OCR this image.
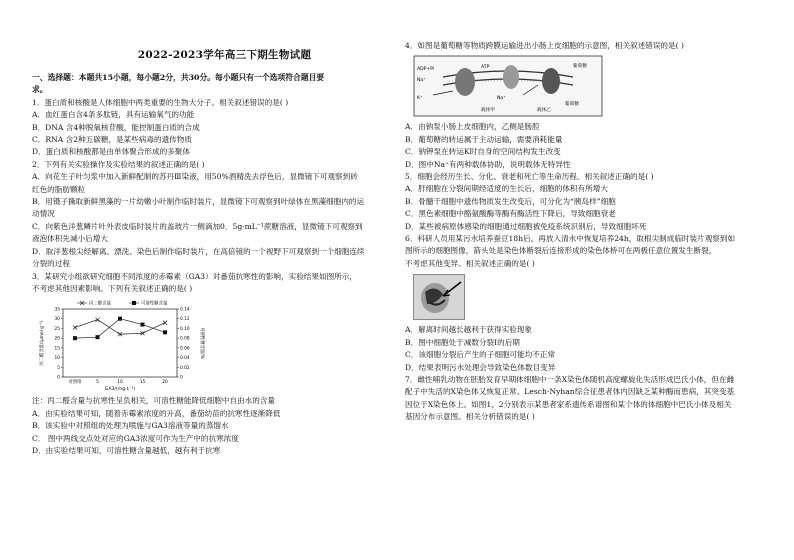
2022-2023学年高三下期生物试题
一、选择题：本题共15小题，每小题2分，共30分。每小题只有一个选项符合题目要
求。
1．蛋白质和核酸是人体细胞中两类重要的生物大分子。相关叙述错误的是( )
A．血红蛋白含4条多肽链，具有运输氧气的功能
B．DNA 含4种脱氧核苷酸，能控制蛋白质的合成
C．RNA 含2种五碳糖，是某些病毒的遗传物质
D．蛋白质和核酸都是由单体聚合形成的多聚体
2．下列有关实验操作及实验结果的叙述正确的是( )
A．向花生子叶匀浆中加入新鲜配制的苏丹Ⅲ染液，用50%酒精洗去浮色后，显微镜下可观察到砖
红色的脂肪颗粒
B．用镊子撕取新鲜黑藻的一片幼嫩小叶制作临时装片，显微镜下可观察到叶绿体在黑藻细胞内的运
动情况
C．向紫色洋葱鳞片叶外表皮临时装片的盖玻片一侧滴加0．5g·mL⁻¹蔗糖溶液，显微镜下可观察到
液泡体积先减小后增大
D．取洋葱根尖经解离、漂洗、染色后制作临时装片，在高倍镜的一个视野下可观察到一个细胞连续
分裂的过程
3．某研究小组欲研究细胞不同浓度的赤霉素（GA3）对番茄抗寒性的影响，实验结果如图所示，
不考虑其他因素影响。下列有关叙述正确的是( )
0
5
10
15
20
25
30
35
0
0.02
0.04
0.06
0.08
0.10
0.12
0.14
对照组	5	10	15	20
GA3/(mg·L⁻¹)
丙二醛含量/(μmol·g⁻¹)	可溶性糖含量/%
丙二醛含量	可溶性糖含量
注：丙二醛含量与抗寒性呈负相关，可溶性糖能降低细胞中自由水的含量
A．由实验结果可知，随着赤霉素浓度的升高，番茄幼苗的抗寒性逐渐降低
B．该实验中对照组的处理为喷施与GA3溶液等量的蒸馏水
C． 图中两线交点处对应的GA3浓度可作为生产中的抗寒浓度
D．由实验结果可知，可溶性糖含量越低，越有利于抗寒
4．如图是葡萄糖等物质跨膜运输进出小肠上皮细胞的示意图，相关叙述错误的是( )
ADP+Pi	ATP
Na⁺
K⁺
葡萄糖
Na⁺
葡萄糖
载体甲	载体乙
A．由钠泵小肠上皮细胞内，乙侧是肠腔
B．葡萄糖的转运属于主动运输，需要消耗能量
C．钠钾泵在转运K时自身的空间结构发生改变
D．图中Na⁺有两种载体协助，说明载体无特异性
5．细胞会经历生长、分化、衰老和死亡等生命历程。相关叙述正确的是( )
A．肝细胞在分裂间期经适度的生长后，细胞的体积有所增大
B．骨髓干细胞中遗传物质发生改变后，可分化为“胰岛样”细胞
C．黑色素细胞中酪氨酸酶等酶有酶活性下降后，导致细胞衰老
D．某些被病原体感染的细胞通过细胞被免疫系统识别后，导致细胞坏死
6．科研人员用某污水培养蚕豆18h后，再放入清水中恢复培养24h，取根尖制成临时装片观察到如
图所示的细胞图像，箭头处是染色体断裂后连接形成的染色体桥可在两极任意位置发生断裂，
不考虑其他变异。相关叙述正确的是( )
A．解离时间越长越利于获得实验现象
B．图中细胞处于减数分裂Ⅰ的后期
C．该细胞分裂后产生的子细胞可能均不正常
D．结果表明污水处理会导致染色体数目变异
7．雌性哺乳动物在胚胎发育早期体细胞中一条X染色体随机高度螺旋化失活形成巴氏小体，但在雌
配子中失活的X染色体又恢复正常。Lesch-Nyhan综合征患者体内因缺乏某种酶而患病，其突变基
因位于X染色体上。如图1、2分别表示某患者家系遗传系谱图和某个体的体细胞中巴氏小体及相关
基因分布示意图。相关分析错误的是( )
